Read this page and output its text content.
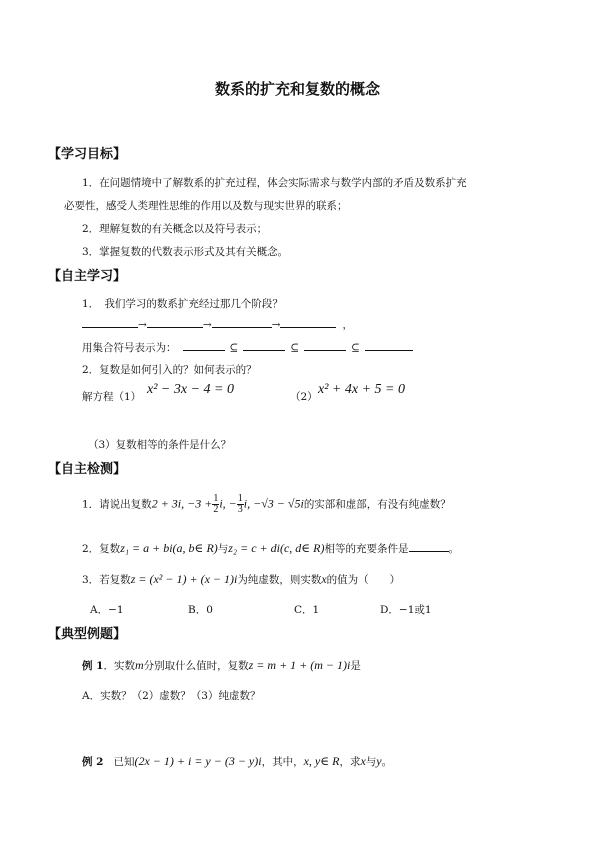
数系的扩充和复数的概念
【学习目标】
1．在问题情境中了解数系的扩充过程，体会实际需求与数学内部的矛盾及数系扩充
必要性，感受人类理性思维的作用以及数与现实世界的联系；
2．理解复数的有关概念以及符号表示；
3．掌握复数的代数表示形式及其有关概念。
【自主学习】
1．　我们学习的数系扩充经过那几个阶段？
→	→	→	，
用集合符号表示为：	⊆	⊆	⊆
2．复数是如何引入的？如何表示的？
解方程（1） x² − 3x − 4 = 0	（2） x² + 4x + 5 = 0
（3）复数相等的条件是什么？
【自主检测】
1．请说出复数2 + 3i, $-3 + \frac{1}{2} i$, − $\frac{1}{3} i$, −√3 − √5i的实部和虚部，有没有纯虚数？
2．复数z₁ = a + bi(a, b∈ R)与z₂ = c + di(c, d∈ R)相等的充要条件是	。
3．若复数z = (x² − 1) + (x − 1)i为纯虚数，则实数x的值为（　　）
A．−1	B．0	C．1	D．−1或1
【典型例题】
例 1．实数m分别取什么值时，复数z = m + 1 + (m − 1)i是
A．实数？（2）虚数？（3）纯虚数？
例 2 已知(2x − 1) + i = y − (3 − y)i，其中，x, y∈ R，求x与y。
